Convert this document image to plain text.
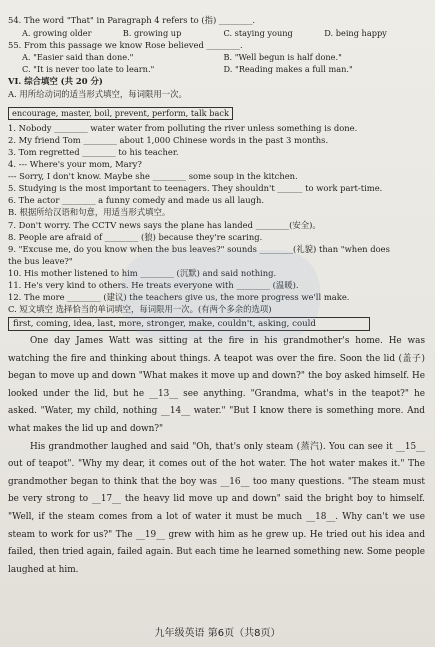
54. The word "That" in Paragraph 4 refers to (指) ________.
A. growing older	B. growing up	C. staying young	D. being happy
55. From this passage we know Rose believed ________.
A. "Easier said than done."	B. "Well begun is half done."
C. "It is never too late to learn."	D. "Reading makes a full man."
VI. 综合填空 (共 20 分)
A. 用所给动词的适当形式填空，每词限用一次。
encourage, master, boil, prevent, perform, talk back
1. Nobody ________ water water from polluting the river unless something is done.
2. My friend Tom ________ about 1,000 Chinese words in the past 3 months.
3. Tom regretted ________ to his teacher.
4. --- Where's your mom, Mary?
--- Sorry, I don't know. Maybe she ________ some soup in the kitchen.
5. Studying is the most important to teenagers. They shouldn't ______ to work part-time.
6. The actor ________ a funny comedy and made us all laugh.
B. 根据所给汉语和句意，用适当形式填空。
7. Don't worry. The CCTV news says the plane has landed ________(安全)。
8. People are afraid of ________ (狼) because they're scaring.
9. "Excuse me, do you know when the bus leaves?" sounds ________(礼貌) than "when does
the bus leave?"
10. His mother listened to him ________ (沉默) and said nothing.
11. He's very kind to others. He treats everyone with ________ (温暖).
12. The more ________ (建议) the teachers give us, the more progress we'll make.
C. 短文填空 选择恰当的单词填空，每词限用一次。(有两个多余的选项)
first, coming, idea, last, more, stronger, make, couldn't, asking, could

One day James Watt was sitting at the fire in his grandmother's home. He was watching the fire and thinking about things. A teapot was over the fire. Soon the lid (盖子) began to move up and down "What makes it move up and down?" the boy asked himself. He looked under the lid, but he __13__ see anything. "Grandma, what's in the teapot?" he asked. "Water, my child, nothing __14__ water." "But I know there is something more. And what makes the lid up and down?"

His grandmother laughed and said "Oh, that's only steam (蒸汽). You can see it __15__ out of teapot". "Why my dear, it comes out of the hot water. The hot water makes it." The grandmother began to think that the boy was __16__ too many questions. "The steam must be very strong to __17__ the heavy lid move up and down" said the bright boy to himself. "Well, if the steam comes from a lot of water it must be much __18__. Why can't we use steam to work for us?" The __19__ grew with him as he grew up. He tried out his idea and failed, then tried again, failed again. But each time he learned something new. Some people laughed at him.

九年级英语 第6页（共8页）
